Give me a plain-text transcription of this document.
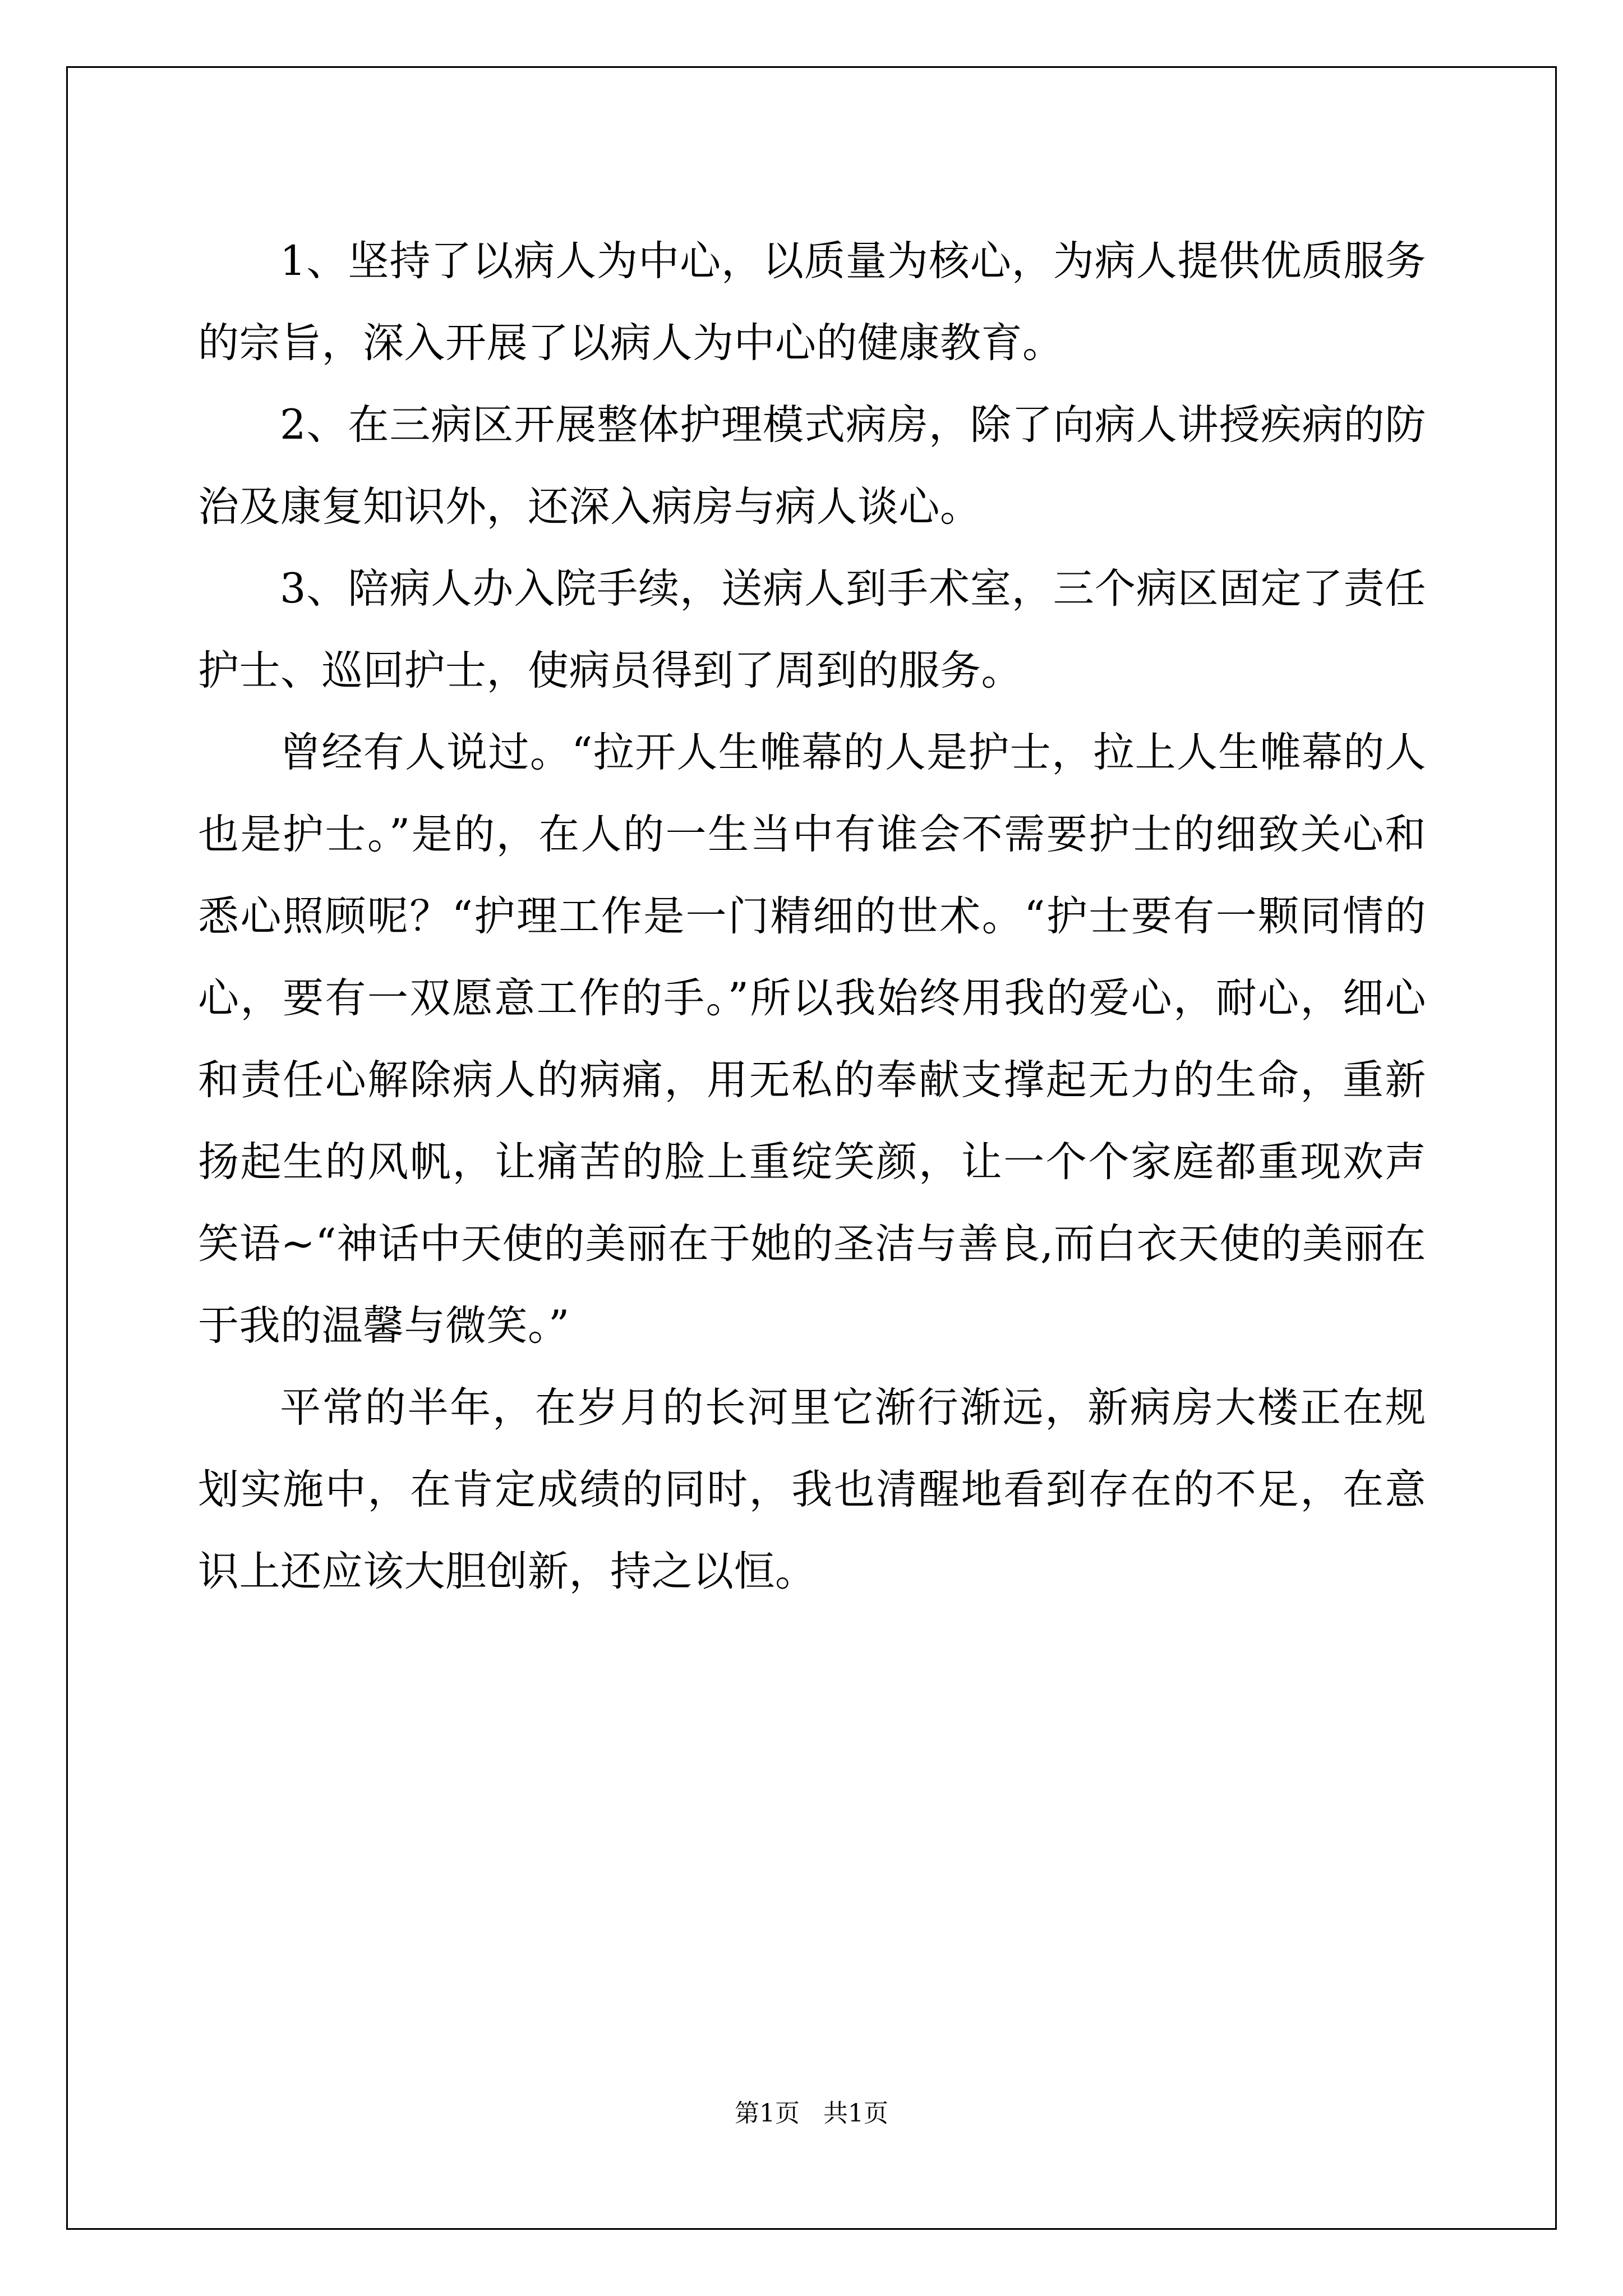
1、坚持了以病人为中心，以质量为核心，为病人提供优质服务的宗旨，深入开展了以病人为中心的健康教育。

2、在三病区开展整体护理模式病房，除了向病人讲授疾病的防治及康复知识外，还深入病房与病人谈心。

3、陪病人办入院手续，送病人到手术室，三个病区固定了责任护士、巡回护士，使病员得到了周到的服务。

曾经有人说过。“拉开人生帷幕的人是护士，拉上人生帷幕的人也是护士。”是的，在人的一生当中有谁会不需要护士的细致关心和悉心照顾呢？“护理工作是一门精细的世术。“护士要有一颗同情的心，要有一双愿意工作的手。”所以我始终用我的爱心，耐心，细心和责任心解除病人的病痛，用无私的奉献支撑起无力的生命，重新扬起生的风帆，让痛苦的脸上重绽笑颜，让一个个家庭都重现欢声笑语~“神话中天使的美丽在于她的圣洁与善良,而白衣天使的美丽在于我的温馨与微笑。”

平常的半年，在岁月的长河里它渐行渐远，新病房大楼正在规划实施中，在肯定成绩的同时，我也清醒地看到存在的不足，在意识上还应该大胆创新，持之以恒。

第1页   共1页
